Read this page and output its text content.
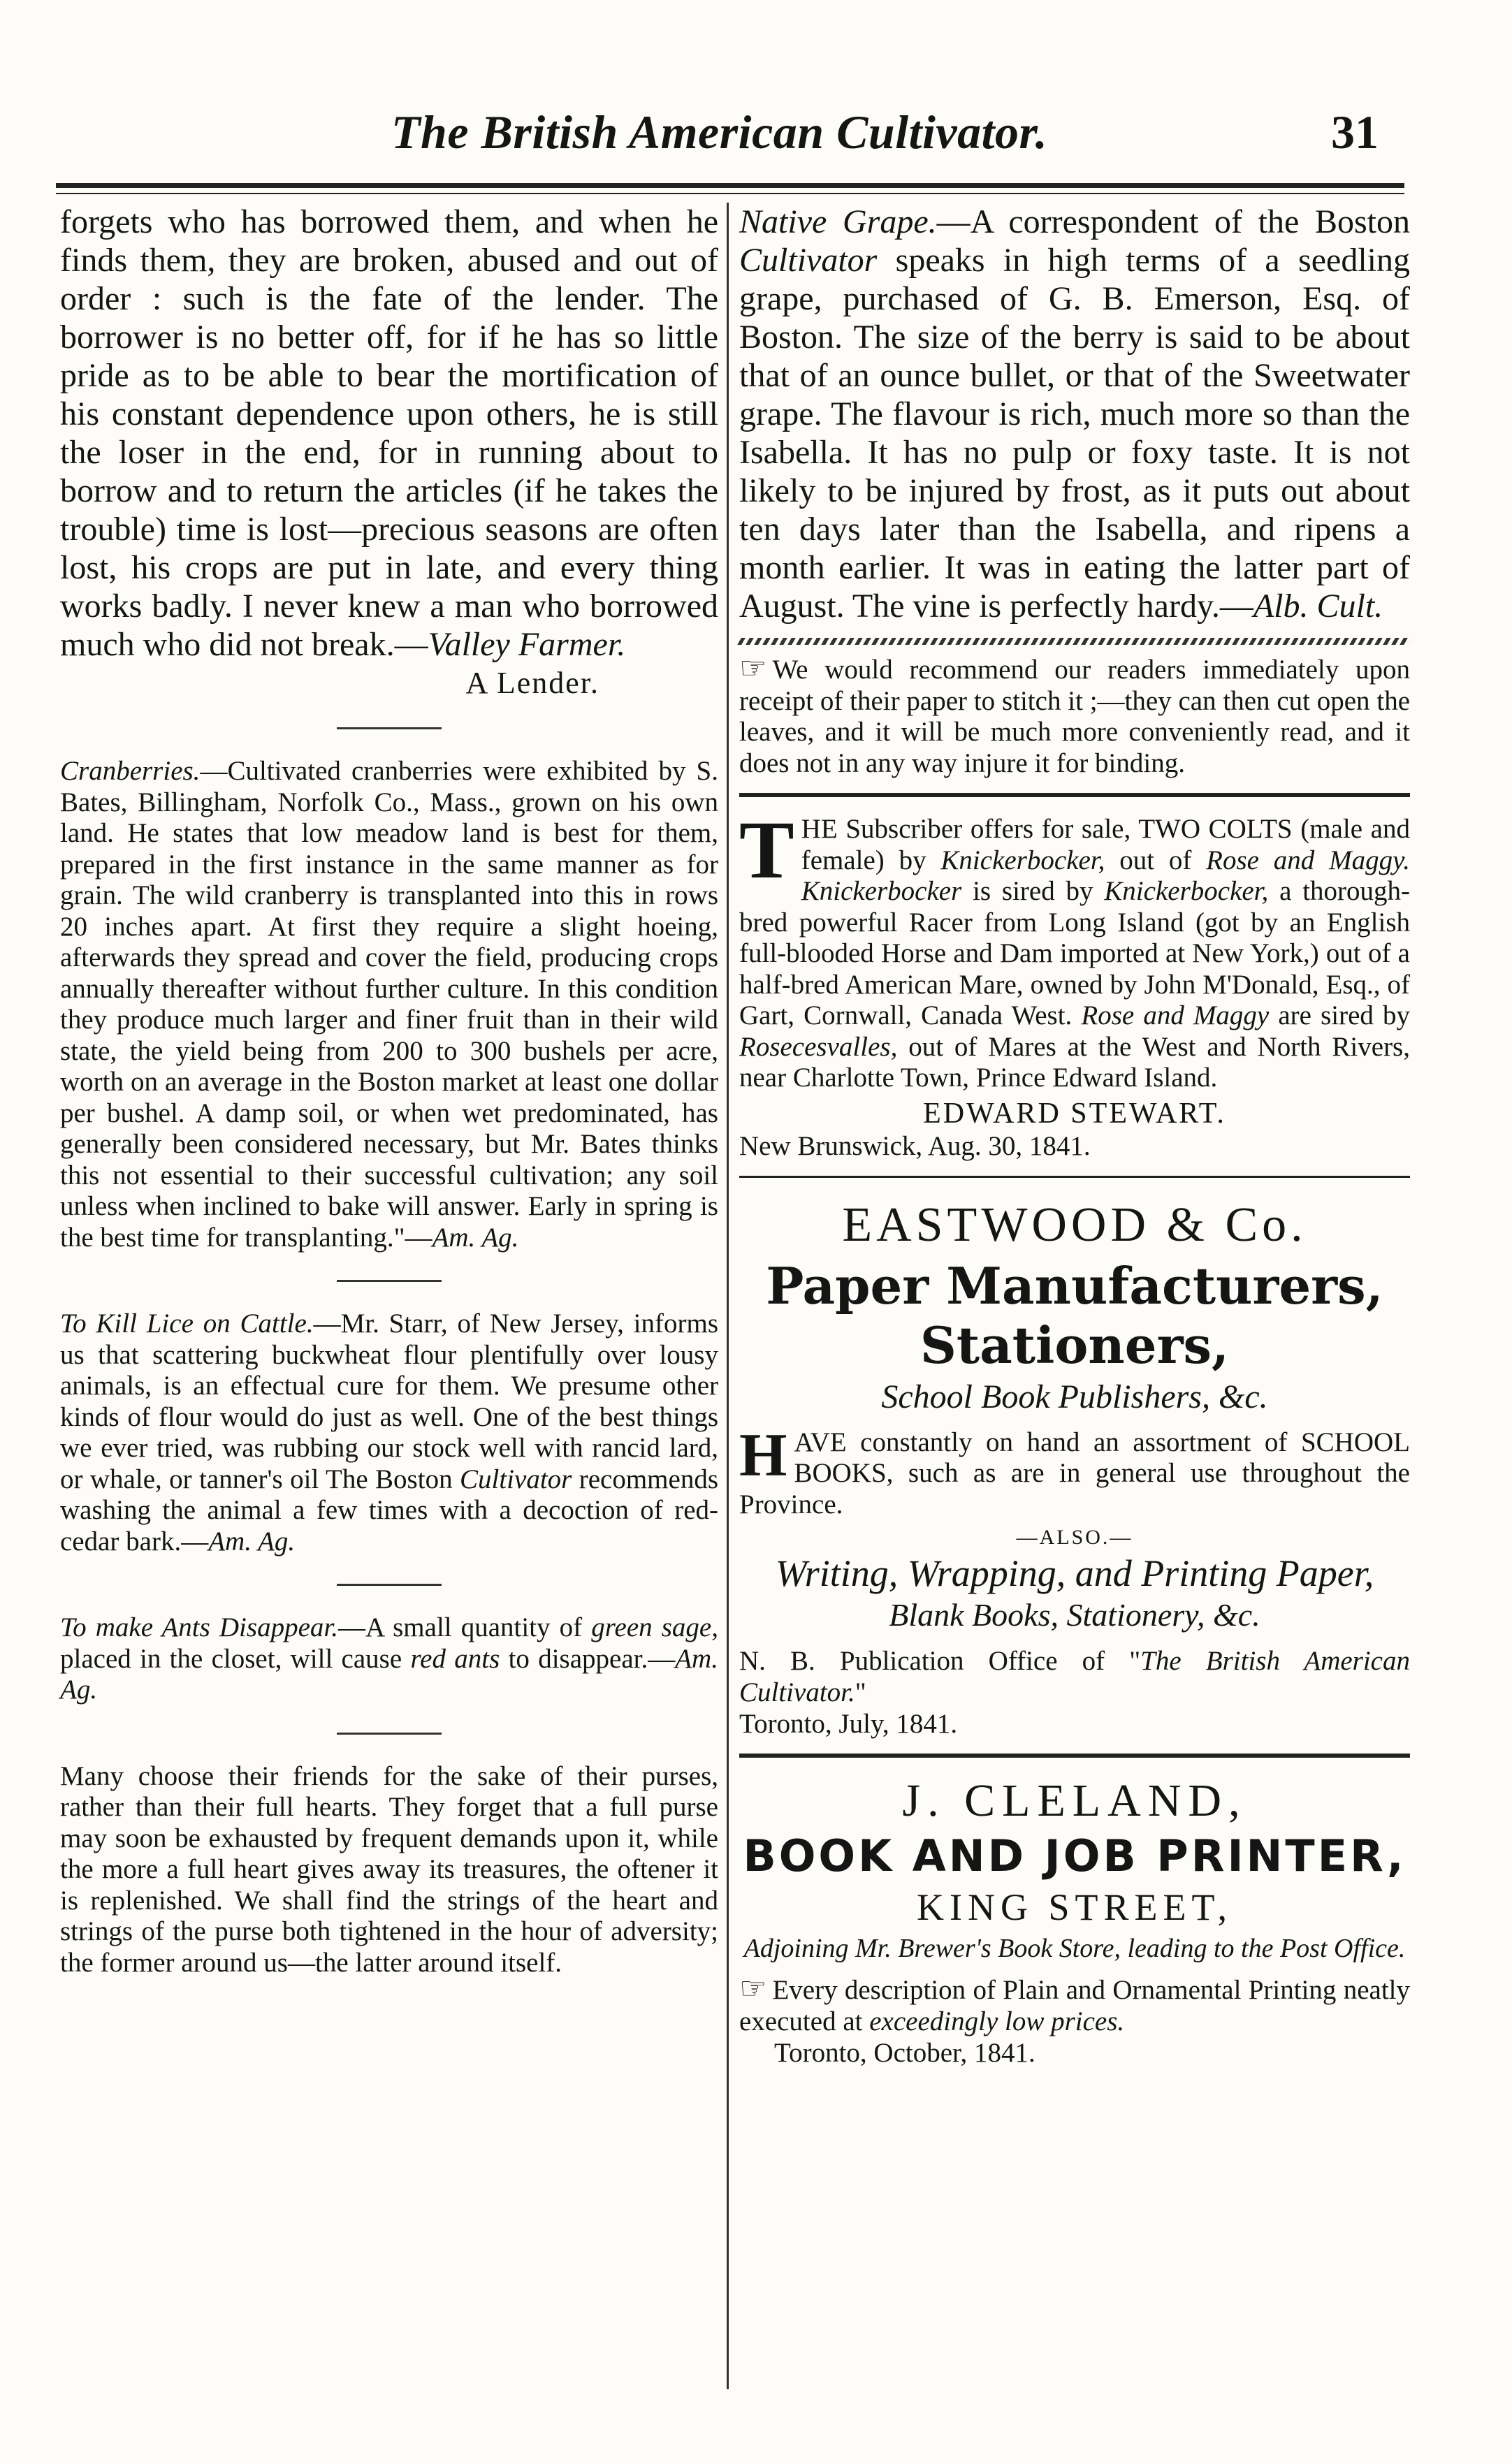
The British American Cultivator.	31

forgets who has borrowed them, and when he finds them, they are broken, abused and out of order : such is the fate of the lender. The borrower is no better off, for if he has so little pride as to be able to bear the mortification of his constant dependence upon others, he is still the loser in the end, for in running about to borrow and to return the articles (if he takes the trouble) time is lost—precious seasons are often lost, his crops are put in late, and every thing works badly. I never knew a man who borrowed much who did not break.—Valley Farmer.

A Lender.

Cranberries.—Cultivated cranberries were exhibited by S. Bates, Billingham, Norfolk Co., Mass., grown on his own land. He states that low meadow land is best for them, prepared in the first instance in the same manner as for grain. The wild cranberry is transplanted into this in rows 20 inches apart. At first they require a slight hoeing, afterwards they spread and cover the field, producing crops annually thereafter without further culture. In this condition they produce much larger and finer fruit than in their wild state, the yield being from 200 to 300 bushels per acre, worth on an average in the Boston market at least one dollar per bushel. A damp soil, or when wet predominated, has generally been considered necessary, but Mr. Bates thinks this not essential to their successful cultivation; any soil unless when inclined to bake will answer. Early in spring is the best time for transplanting."—Am. Ag.

To Kill Lice on Cattle.—Mr. Starr, of New Jersey, informs us that scattering buckwheat flour plentifully over lousy animals, is an effectual cure for them. We presume other kinds of flour would do just as well. One of the best things we ever tried, was rubbing our stock well with rancid lard, or whale, or tanner's oil The Boston Cultivator recommends washing the animal a few times with a decoction of red-cedar bark.—Am. Ag.

To make Ants Disappear.—A small quantity of green sage, placed in the closet, will cause red ants to disappear.—Am. Ag.

Many choose their friends for the sake of their purses, rather than their full hearts. They forget that a full purse may soon be exhausted by frequent demands upon it, while the more a full heart gives away its treasures, the oftener it is replenished. We shall find the strings of the heart and strings of the purse both tightened in the hour of adversity; the former around us—the latter around itself.

Native Grape.—A correspondent of the Boston Cultivator speaks in high terms of a seedling grape, purchased of G. B. Emerson, Esq. of Boston. The size of the berry is said to be about that of an ounce bullet, or that of the Sweetwater grape. The flavour is rich, much more so than the Isabella. It has no pulp or foxy taste. It is not likely to be injured by frost, as it puts out about ten days later than the Isabella, and ripens a month earlier. It was in eating the latter part of August. The vine is perfectly hardy.—Alb. Cult.

☞ We would recommend our readers immediately upon receipt of their paper to stitch it ;—they can then cut open the leaves, and it will be much more conveniently read, and it does not in any way injure it for binding.

THE Subscriber offers for sale, TWO COLTS (male and female) by Knickerbocker, out of Rose and Maggy. Knickerbocker is sired by Knickerbocker, a thorough-bred powerful Racer from Long Island (got by an English full-blooded Horse and Dam imported at New York,) out of a half-bred American Mare, owned by John M'Donald, Esq., of Gart, Cornwall, Canada West. Rose and Maggy are sired by Rosecesvalles, out of Mares at the West and North Rivers, near Charlotte Town, Prince Edward Island.

EDWARD STEWART.

New Brunswick, Aug. 30, 1841.

EASTWOOD & Co.

Paper Manufacturers, Stationers,

School Book Publishers, &c.

HAVE constantly on hand an assortment of SCHOOL BOOKS, such as are in general use throughout the Province.

—ALSO.—

Writing, Wrapping, and Printing Paper,

Blank Books, Stationery, &c.

N. B. Publication Office of "The British American Cultivator."

Toronto, July, 1841.

J. CLELAND,

BOOK AND JOB PRINTER,

KING STREET,

Adjoining Mr. Brewer's Book Store, leading to the Post Office.

☞ Every description of Plain and Ornamental Printing neatly executed at exceedingly low prices.

Toronto, October, 1841.
